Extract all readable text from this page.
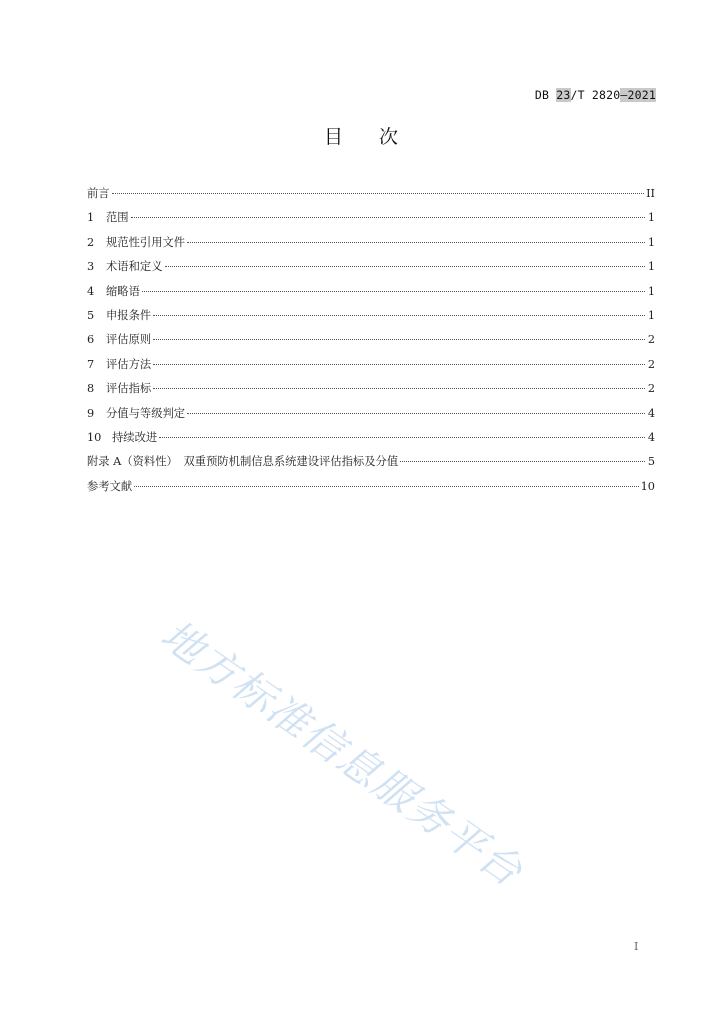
DB 23/T 2820—2021
目 次
前言	II
1	范围	1
2	规范性引用文件	1
3	术语和定义	1
4	缩略语	1
5	申报条件	1
6	评估原则	2
7	评估方法	2
8	评估指标	2
9	分值与等级判定	4
10 持续改进	4
附录 A（资料性）　双重预防机制信息系统建设评估指标及分值	5
参考文献	10
地方标准信息服务平台
I
